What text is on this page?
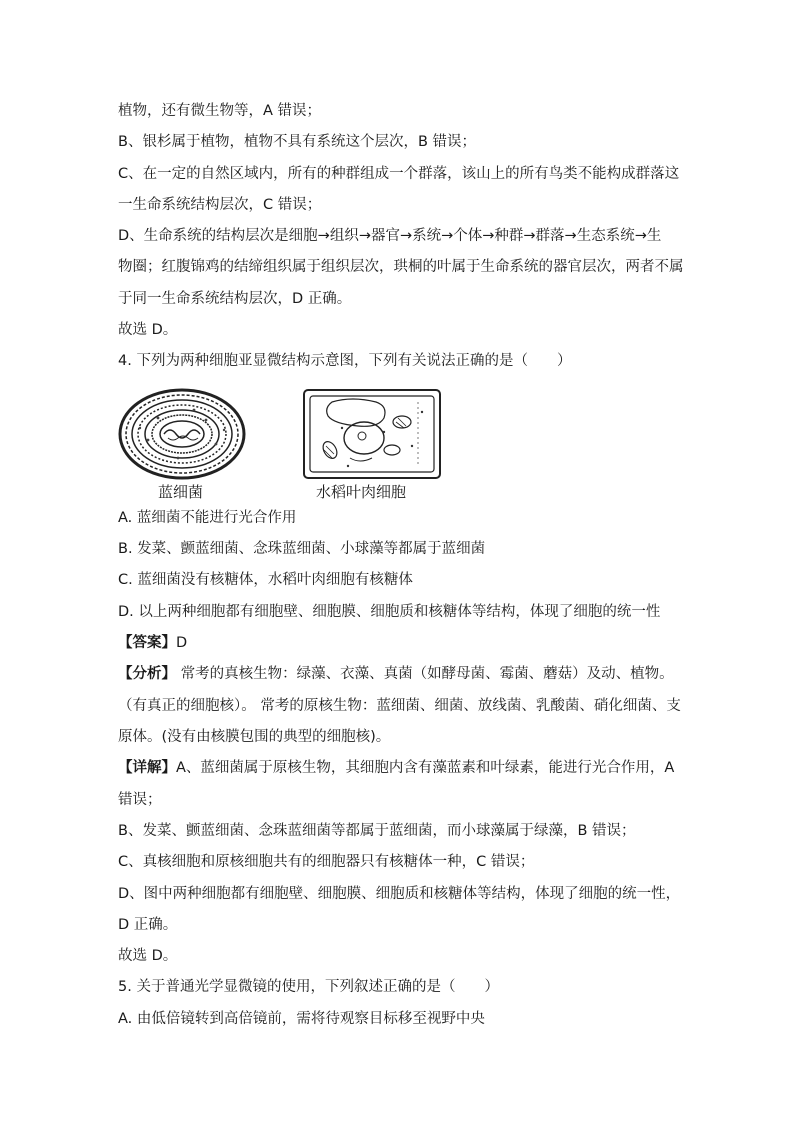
植物，还有微生物等，A 错误；
B、银杉属于植物，植物不具有系统这个层次，B 错误；
C、在一定的自然区域内，所有的种群组成一个群落，该山上的所有鸟类不能构成群落这
一生命系统结构层次，C 错误；
D、生命系统的结构层次是细胞→组织→器官→系统→个体→种群→群落→生态系统→生
物圈；红腹锦鸡的结缔组织属于组织层次，珙桐的叶属于生命系统的器官层次，两者不属
于同一生命系统结构层次，D 正确。
故选 D。
4. 下列为两种细胞亚显微结构示意图，下列有关说法正确的是（　　）
蓝细菌	水稻叶肉细胞
A. 蓝细菌不能进行光合作用
B. 发菜、颤蓝细菌、念珠蓝细菌、小球藻等都属于蓝细菌
C. 蓝细菌没有核糖体，水稻叶肉细胞有核糖体
D. 以上两种细胞都有细胞壁、细胞膜、细胞质和核糖体等结构，体现了细胞的统一性
【答案】D
【分析】 常考的真核生物：绿藻、衣藻、真菌（如酵母菌、霉菌、蘑菇）及动、植物。
（有真正的细胞核）。 常考的原核生物：蓝细菌、细菌、放线菌、乳酸菌、硝化细菌、支
原体。(没有由核膜包围的典型的细胞核)。
【详解】A、蓝细菌属于原核生物，其细胞内含有藻蓝素和叶绿素，能进行光合作用，A
错误；
B、发菜、颤蓝细菌、念珠蓝细菌等都属于蓝细菌，而小球藻属于绿藻，B 错误；
C、真核细胞和原核细胞共有的细胞器只有核糖体一种，C 错误；
D、图中两种细胞都有细胞壁、细胞膜、细胞质和核糖体等结构，体现了细胞的统一性，
D 正确。
故选 D。
5. 关于普通光学显微镜的使用，下列叙述正确的是（　　）
A. 由低倍镜转到高倍镜前，需将待观察目标移至视野中央
